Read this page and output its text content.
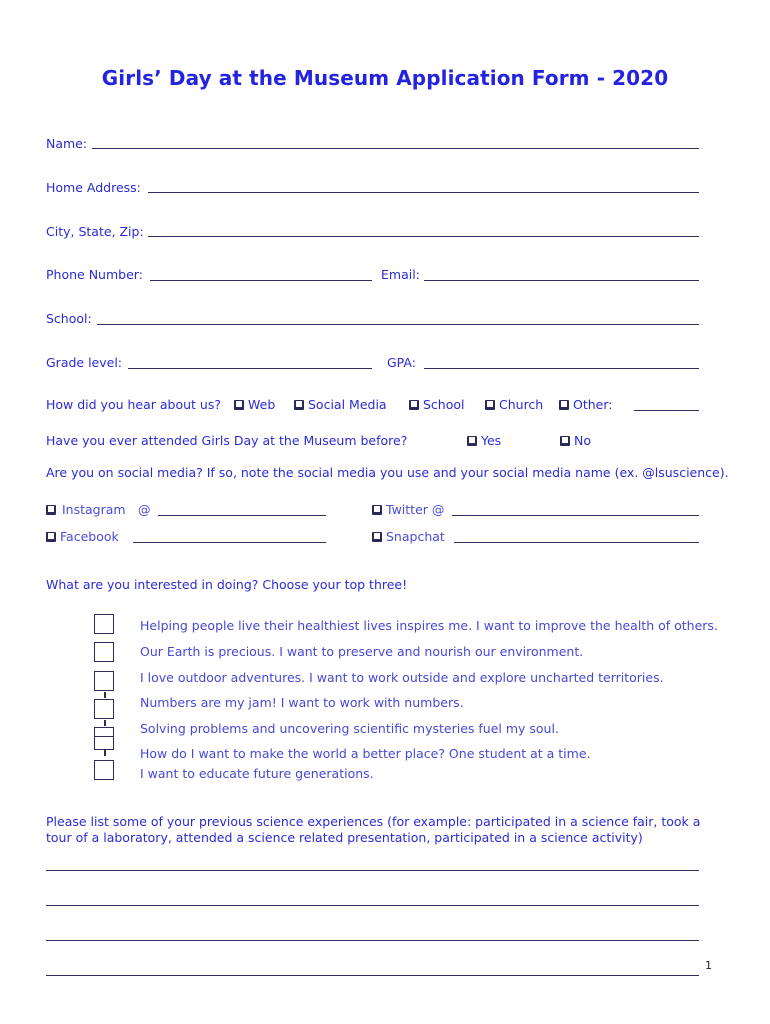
Girls’ Day at the Museum Application Form - 2020
Name:
Home Address:
City, State, Zip:
Phone Number:	Email:
School:
Grade level:	GPA:
How did you hear about us?	Web	Social Media	School	Church	Other:
Have you ever attended Girls Day at the Museum before?	Yes	No
Are you on social media? If so, note the social media you use and your social media name (ex. @lsuscience).
Instagram @	Twitter @
Facebook	Snapchat
What are you interested in doing? Choose your top three!
Helping people live their healthiest lives inspires me. I want to improve the health of others.
Our Earth is precious. I want to preserve and nourish our environment.
I love outdoor adventures. I want to work outside and explore uncharted territories.
Numbers are my jam! I want to work with numbers.
Solving problems and uncovering scientific mysteries fuel my soul.
How do I want to make the world a better place? One student at a time.
I want to educate future generations.
Please list some of your previous science experiences (for example: participated in a science fair, took a tour of a laboratory, attended a science related presentation, participated in a science activity)
1
